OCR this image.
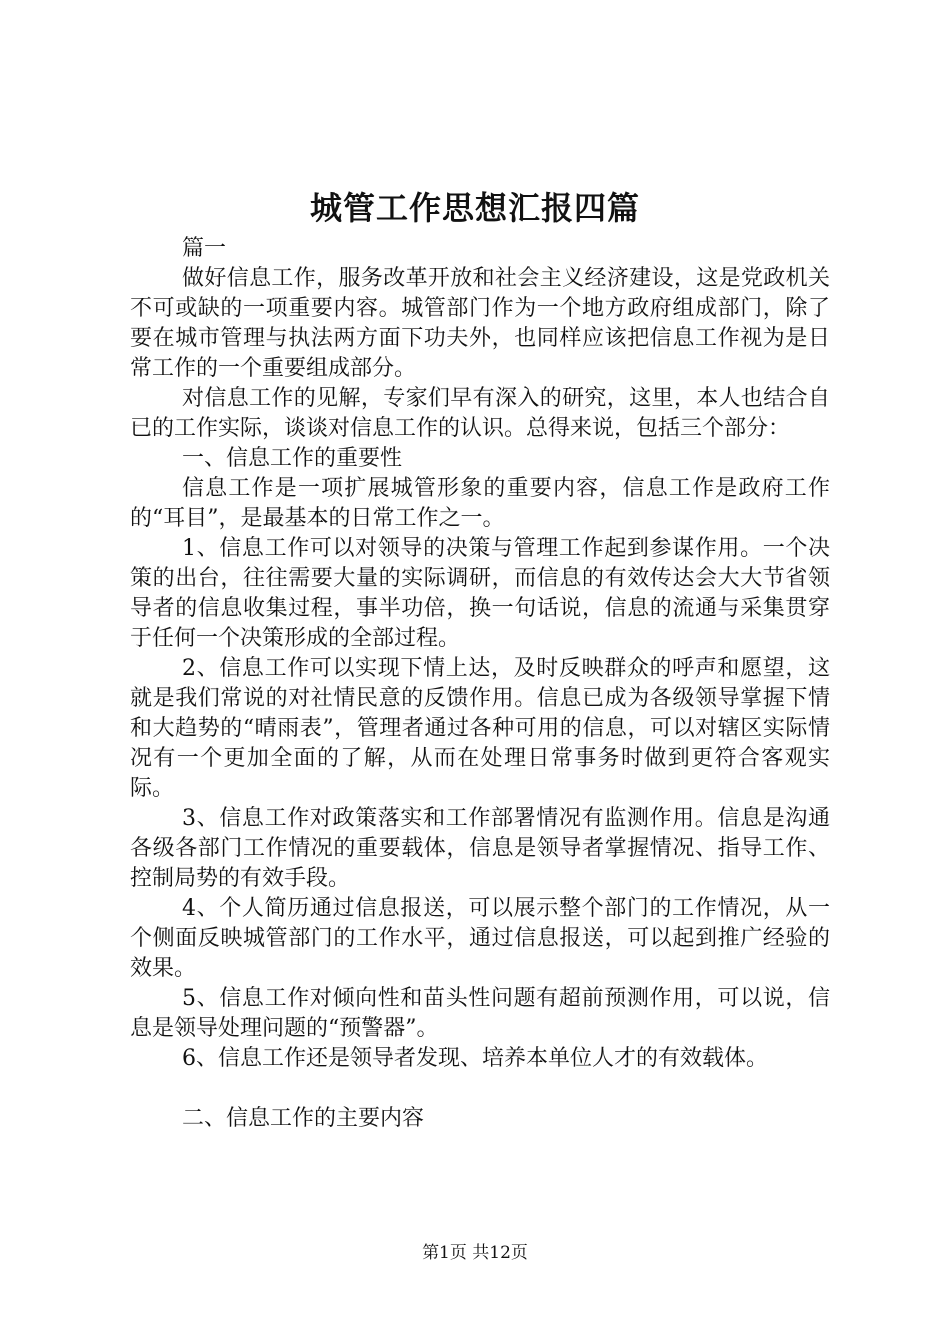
城管工作思想汇报四篇

篇一

做好信息工作，服务改革开放和社会主义经济建设，这是党政机关不可或缺的一项重要内容。城管部门作为一个地方政府组成部门，除了要在城市管理与执法两方面下功夫外，也同样应该把信息工作视为是日常工作的一个重要组成部分。

对信息工作的见解，专家们早有深入的研究，这里，本人也结合自已的工作实际，谈谈对信息工作的认识。总得来说，包括三个部分：

一、信息工作的重要性

信息工作是一项扩展城管形象的重要内容，信息工作是政府工作的“耳目”，是最基本的日常工作之一。

1、信息工作可以对领导的决策与管理工作起到参谋作用。一个决策的出台，往往需要大量的实际调研，而信息的有效传达会大大节省领导者的信息收集过程，事半功倍，换一句话说，信息的流通与采集贯穿于任何一个决策形成的全部过程。

2、信息工作可以实现下情上达，及时反映群众的呼声和愿望，这就是我们常说的对社情民意的反馈作用。信息已成为各级领导掌握下情和大趋势的“晴雨表”，管理者通过各种可用的信息，可以对辖区实际情况有一个更加全面的了解，从而在处理日常事务时做到更符合客观实际。

3、信息工作对政策落实和工作部署情况有监测作用。信息是沟通各级各部门工作情况的重要载体，信息是领导者掌握情况、指导工作、控制局势的有效手段。

4、个人简历通过信息报送，可以展示整个部门的工作情况，从一个侧面反映城管部门的工作水平，通过信息报送，可以起到推广经验的效果。

5、信息工作对倾向性和苗头性问题有超前预测作用，可以说，信息是领导处理问题的“预警器”。

6、信息工作还是领导者发现、培养本单位人才的有效载体。

二、信息工作的主要内容

第1页 共12页
